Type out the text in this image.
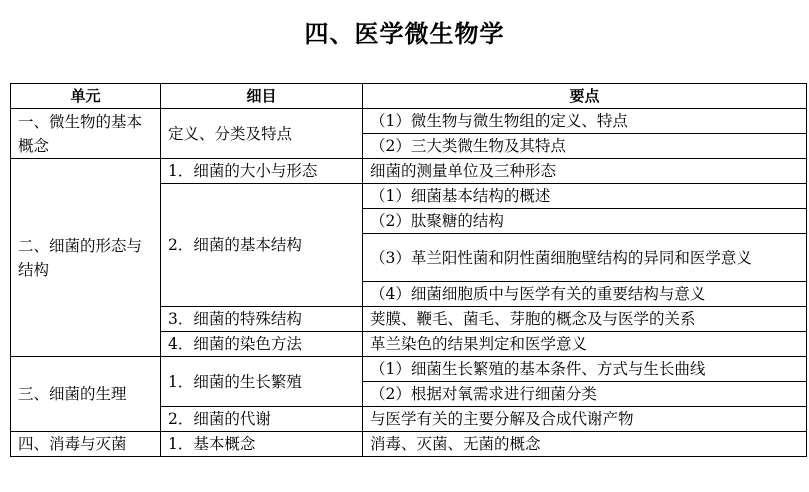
四、医学微生物学
单元	细目	要点
一、微生物的基本概念	定义、分类及特点	（1）微生物与微生物组的定义、特点
		（2）三大类微生物及其特点
二、细菌的形态与结构	1．细菌的大小与形态	细菌的测量单位及三种形态
	2．细菌的基本结构	（1）细菌基本结构的概述
		（2）肽聚糖的结构
		（3）革兰阳性菌和阴性菌细胞壁结构的异同和医学意义

		（4）细菌细胞质中与医学有关的重要结构与意义
	3．细菌的特殊结构	荚膜、鞭毛、菌毛、芽胞的概念及与医学的关系
	4．细菌的染色方法	革兰染色的结果判定和医学意义
三、细菌的生理	1．细菌的生长繁殖	（1）细菌生长繁殖的基本条件、方式与生长曲线
		（2）根据对氧需求进行细菌分类
	2．细菌的代谢	与医学有关的主要分解及合成代谢产物
四、消毒与灭菌	1．基本概念	消毒、灭菌、无菌的概念
